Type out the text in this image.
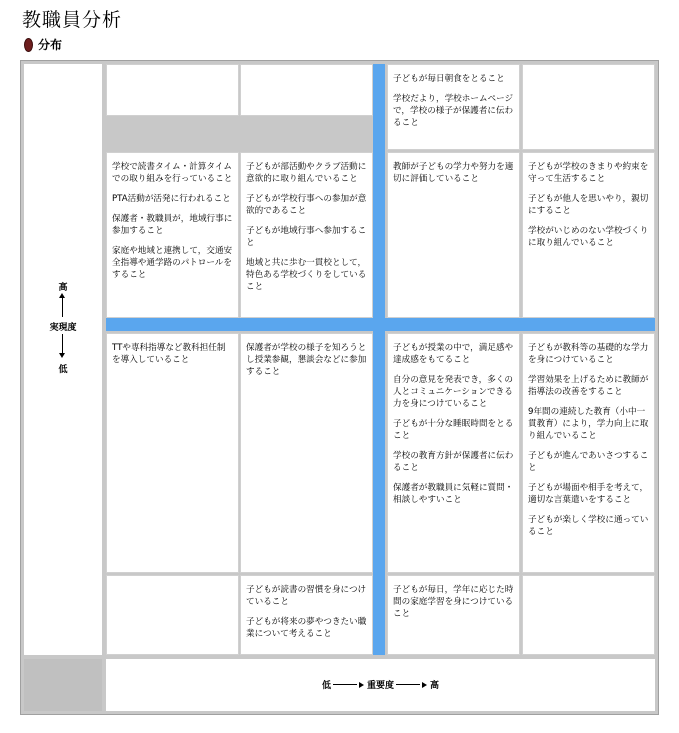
教職員分析
分布

子どもが毎日朝食をとること

学校だより，学校ホームページで，学校の様子が保護者に伝わること

学校で読書タイム・計算タイムでの取り組みを行っていること

PTA活動が活発に行われること

保護者・教職員が，地域行事に参加すること

家庭や地域と連携して，交通安全指導や通学路のパトロールをすること

子どもが部活動やクラブ活動に意欲的に取り組んでいること

子どもが学校行事への参加が意欲的であること

子どもが地域行事へ参加すること

地域と共に歩む一貫校として，特色ある学校づくりをしていること

教師が子どもの学力や努力を適切に評価していること

子どもが学校のきまりや約束を守って生活すること

子どもが他人を思いやり，親切にすること

学校がいじめのない学校づくりに取り組んでいること

TTや専科指導など教科担任制を導入していること

保護者が学校の様子を知ろうとし授業参観，懇談会などに参加すること

子どもが授業の中で，満足感や達成感をもてること

自分の意見を発表でき，多くの人とコミュニケーションできる力を身につけていること

子どもが十分な睡眠時間をとること

学校の教育方針が保護者に伝わること

保護者が教職員に気軽に質問・相談しやすいこと

子どもが教科等の基礎的な学力を身につけていること

学習効果を上げるために教師が指導法の改善をすること

9年間の連続した教育（小中一貫教育）により，学力向上に取り組んでいること

子どもが進んであいさつすること

子どもが場面や相手を考えて，適切な言葉遣いをすること

子どもが楽しく学校に通っていること

子どもが読書の習慣を身につけていること

子どもが将来の夢やつきたい職業について考えること

子どもが毎日，学年に応じた時間の家庭学習を身につけていること

高
実現度
低
低	重要度	高
